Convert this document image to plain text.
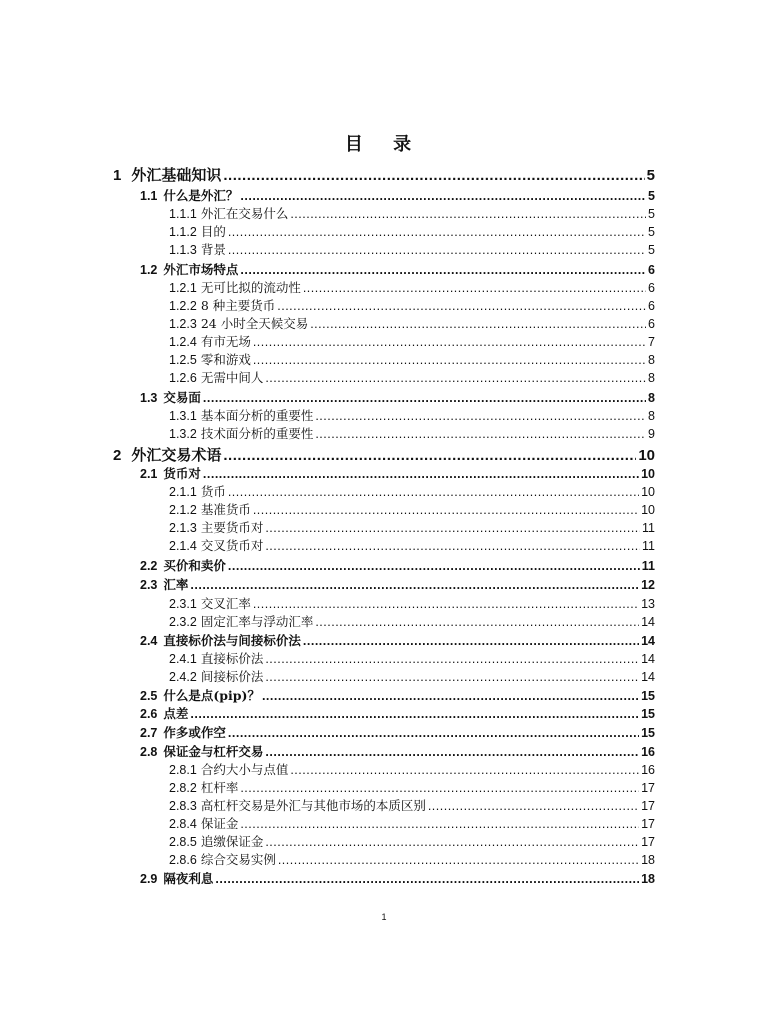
目 录
1 外汇基础知识 .....	5
1.1 什么是外汇？ .....	5
1.1.1 外汇在交易什么 .....	5
1.1.2 目的 .....	5
1.1.3 背景 .....	5
1.2 外汇市场特点 .....	6
1.2.1 无可比拟的流动性 .....	6
1.2.2 8 种主要货币 .....	6
1.2.3 24 小时全天候交易 .....	6
1.2.4 有市无场 .....	7
1.2.5 零和游戏 .....	8
1.2.6 无需中间人 .....	8
1.3 交易面 .....	8
1.3.1 基本面分析的重要性 .....	8
1.3.2 技术面分析的重要性 .....	9
2 外汇交易术语 .....	10
2.1 货币对 .....	10
2.1.1 货币 .....	10
2.1.2 基准货币 .....	10
2.1.3 主要货币对 .....	11
2.1.4 交叉货币对 .....	11
2.2 买价和卖价 .....	11
2.3 汇率 .....	12
2.3.1 交叉汇率 .....	13
2.3.2 固定汇率与浮动汇率 .....	14
2.4 直接标价法与间接标价法 .....	14
2.4.1 直接标价法 .....	14
2.4.2 间接标价法 .....	14
2.5 什么是点(pip)？ .....	15
2.6 点差 .....	15
2.7 作多或作空 .....	15
2.8 保证金与杠杆交易 .....	16
2.8.1 合约大小与点值 .....	16
2.8.2 杠杆率 .....	17
2.8.3 高杠杆交易是外汇与其他市场的本质区别 .....	17
2.8.4 保证金 .....	17
2.8.5 追缴保证金 .....	17
2.8.6 综合交易实例 .....	18
2.9 隔夜利息 .....	18
1
